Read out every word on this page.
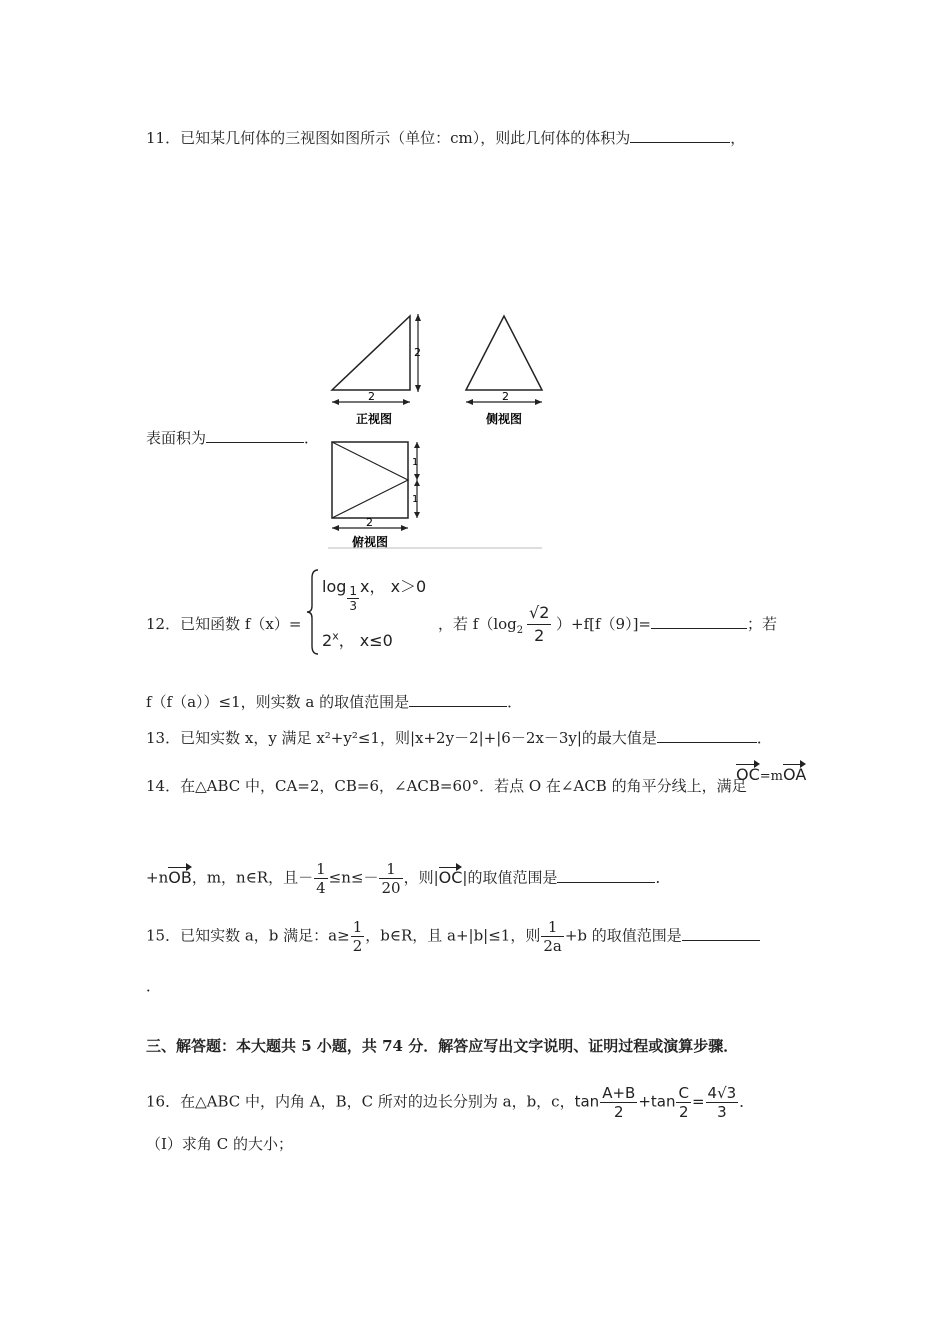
11．已知某几何体的三视图如图所示（单位：cm），则此几何体的体积为	，
2
2
正视图
2
侧视图
1
1
2
俯视图
表面积为	．
12．已知函数 f（x）=
$\log \frac{1}{3}$ x， x＞0
2$^x$， x≤0
，若 $f(\log_2 \frac{√2}{2} )+f[f(9)]=$	；若
f（f（a））≤1，则实数 a 的取值范围是	．
13．已知实数 x，y 满足 x²+y²≤1，则|x+2y－2|+|6－2x－3y|的最大值是	．
14．在△ABC 中，CA=2，CB=6，∠ACB=60°．若点 O 在∠ACB 的角平分线上，满足
OC=mOA
+nOB，m，n∈R，且－ $\frac{1}{4} \le n\le- \frac{1}{20}$ ，则|OC|的取值范围是	．
15．已知实数 a，b 满足：$a\ge \frac{1}{2}$ ，b∈R，且 a+|b|≤1，则 $\frac{1}{2a} +b$ 的取值范围是
．
三、解答题：本大题共 5 小题，共 74 分．解答应写出文字说明、证明过程或演算步骤．
16．在△ABC 中，内角 A，B，C 所对的边长分别为 a，b，c，$\tan \frac{A+B}{2} +\tan \frac{C}{2} = \frac{4√3}{3}$ ．
（Ⅰ）求角 C 的大小；
